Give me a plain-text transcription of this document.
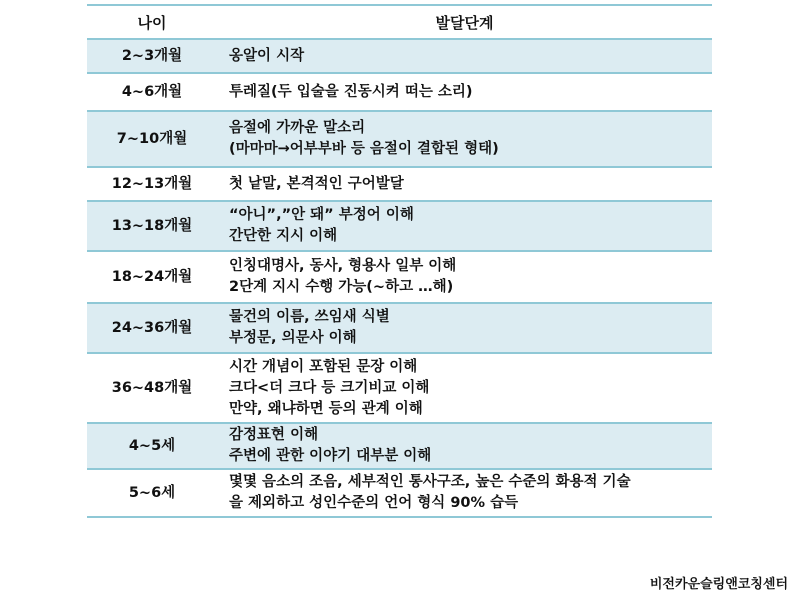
나이	발달단계
2~3개월	옹알이 시작

4~6개월	투레질(두 입술을 진동시켜 떠는 소리)

7~10개월	음절에 가까운 말소리
(마마마→어부부바 등 음절이 결합된 형태)

12~13개월	첫 낱말, 본격적인 구어발달

13~18개월	“아니”,”안 돼” 부정어 이해
간단한 지시 이해

18~24개월	인칭대명사, 동사, 형용사 일부 이해
2단계 지시 수행 가능(~하고 …해)

24~36개월	물건의 이름, 쓰임새 식별
부정문, 의문사 이해

36~48개월	시간 개념이 포함된 문장 이해
크다<더 크다 등 크기비교 이해
만약, 왜냐하면 등의 관계 이해

4~5세	감정표현 이해
주변에 관한 이야기 대부분 이해

5~6세	몇몇 음소의 조음, 세부적인 통사구조, 높은 수준의 화용적 기술
을 제외하고 성인수준의 언어 형식 90% 습득
비전카운슬링앤코칭센터
